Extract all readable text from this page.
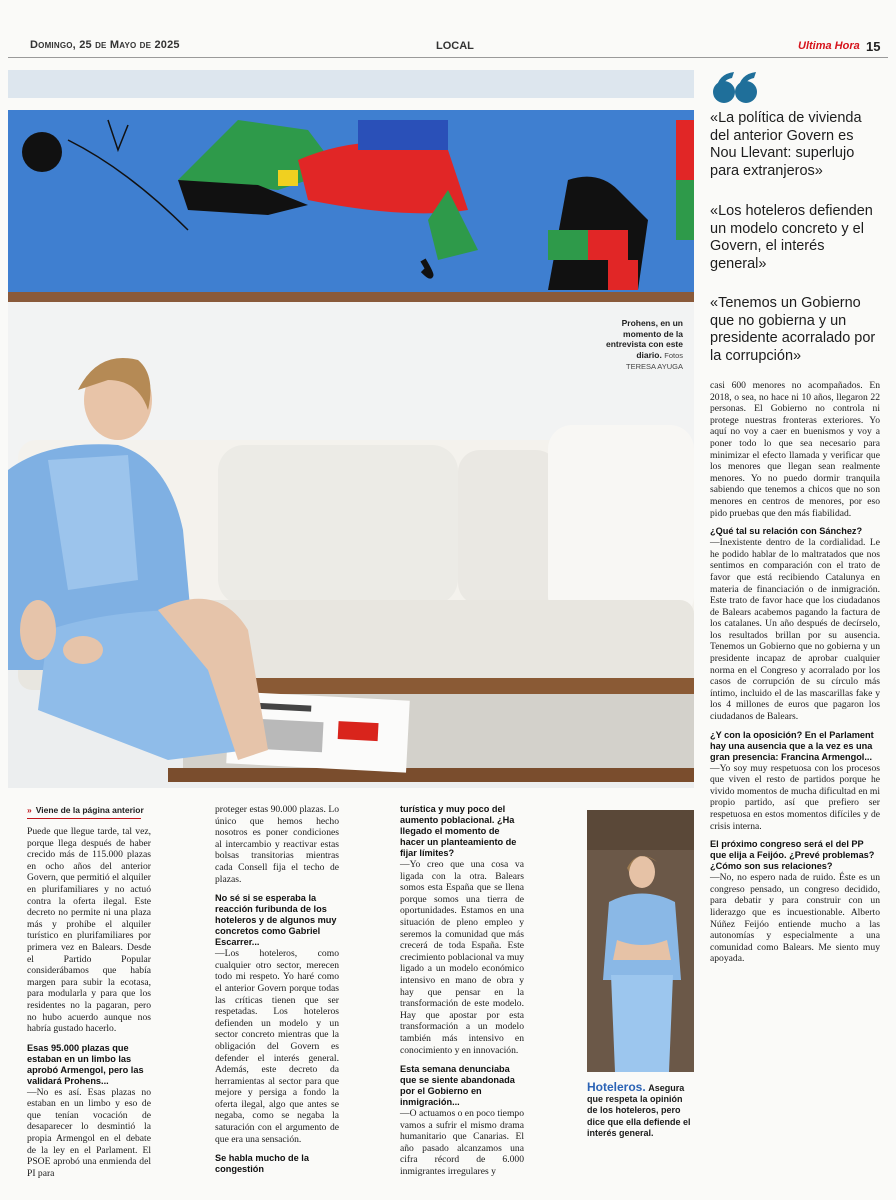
Domingo, 25 de Mayo de 2025	LOCAL	Ultima Hora 15
Prohens, en un momento de la entrevista con este diario. Fotos
TERESA AYUGA
«La política de vivienda del anterior Govern es Nou Llevant: superlujo para extranjeros»
«Los hoteleros defienden un modelo concreto y el Govern, el interés general»
«Tenemos un Gobierno que no gobierna y un presidente acorralado por la corrupción»

casi 600 menores no acompañados. En 2018, o sea, no hace ni 10 años, llegaron 22 personas. El Gobierno no controla ni protege nuestras fronteras exteriores. Yo aquí no voy a caer en buenismos y voy a poner todo lo que sea necesario para minimizar el efecto llamada y verificar que los menores que llegan sean realmente menores. Yo no puedo dormir tranquila sabiendo que tenemos a chicos que no son menores en centros de menores, por eso pido pruebas que den más fiabilidad.

¿Qué tal su relación con Sánchez?

—Inexistente dentro de la cordialidad. Le he podido hablar de lo maltratados que nos sentimos en comparación con el trato de favor que está recibiendo Catalunya en materia de financiación o de inmigración. Este trato de favor hace que los ciudadanos de Balears acabemos pagando la factura de los catalanes. Un año después de decírselo, los resultados brillan por su ausencia. Tenemos un Gobierno que no gobierna y un presidente incapaz de aprobar cualquier norma en el Congreso y acorralado por los casos de corrupción de su círculo más íntimo, incluido el de las mascarillas fake y los 4 millones de euros que pagaron los ciudadanos de Balears.

¿Y con la oposición? En el Parlament hay una ausencia que a la vez es una gran presencia: Francina Armengol...

—Yo soy muy respetuosa con los procesos que viven el resto de partidos porque he vivido momentos de mucha dificultad en mi propio partido, así que prefiero ser respetuosa en estos momentos difíciles y de crisis interna.

El próximo congreso será el del PP que elija a Feijóo. ¿Prevé problemas? ¿Cómo son sus relaciones?

—No, no espero nada de ruido. Éste es un congreso pensado, un congreso decidido, para debatir y para construir con un liderazgo que es incuestionable. Alberto Núñez Feijóo entiende mucho a las autonomías y especialmente a una comunidad como Balears. Me siento muy apoyada.

» Viene de la página anterior

Puede que llegue tarde, tal vez, porque llega después de haber crecido más de 115.000 plazas en ocho años del anterior Govern, que permitió el alquiler en plurifamiliares y no actuó contra la oferta ilegal. Este decreto no permite ni una plaza más y prohíbe el alquiler turístico en plurifamiliares por primera vez en Balears. Desde el Partido Popular considerábamos que había margen para subir la ecotasa, para modularla y para que los residentes no la pagaran, pero no hubo acuerdo aunque nos habría gustado hacerlo.

Esas 95.000 plazas que estaban en un limbo las aprobó Armengol, pero las validará Prohens...

—No es así. Esas plazas no estaban en un limbo y eso de que tenían vocación de desaparecer lo desmintió la propia Armengol en el debate de la ley en el Parlament. El PSOE aprobó una enmienda del PI para

proteger estas 90.000 plazas. Lo único que hemos hecho nosotros es poner condiciones al intercambio y reactivar estas bolsas transitorias mientras cada Consell fija el techo de plazas.

No sé si se esperaba la reacción furibunda de los hoteleros y de algunos muy concretos como Gabriel Escarrer...

—Los hoteleros, como cualquier otro sector, merecen todo mi respeto. Yo haré como el anterior Govern porque todas las críticas tienen que ser respetadas. Los hoteleros defienden un modelo y un sector concreto mientras que la obligación del Govern es defender el interés general. Además, este decreto da herramientas al sector para que mejore y persiga a fondo la oferta ilegal, algo que antes se negaba, como se negaba la saturación con el argumento de que era una sensación.

Se habla mucho de la congestión
turística y muy poco del aumento poblacional. ¿Ha llegado el momento de hacer un planteamiento de fijar límites?

—Yo creo que una cosa va ligada con la otra. Balears somos esta España que se llena porque somos una tierra de oportunidades. Estamos en una situación de pleno empleo y seremos la comunidad que más crecerá de toda España. Este crecimiento poblacional va muy ligado a un modelo económico intensivo en mano de obra y hay que pensar en la transformación de este modelo. Hay que apostar por esta transformación a un modelo también más intensivo en conocimiento y en innovación.

Esta semana denunciaba que se siente abandonada por el Gobierno en inmigración...

—O actuamos o en poco tiempo vamos a sufrir el mismo drama humanitario que Canarias. El año pasado alcanzamos una cifra récord de 6.000 inmigrantes irregulares y

Hoteleros. Asegura que respeta la opinión de los hoteleros, pero dice que ella defiende el interés general.
